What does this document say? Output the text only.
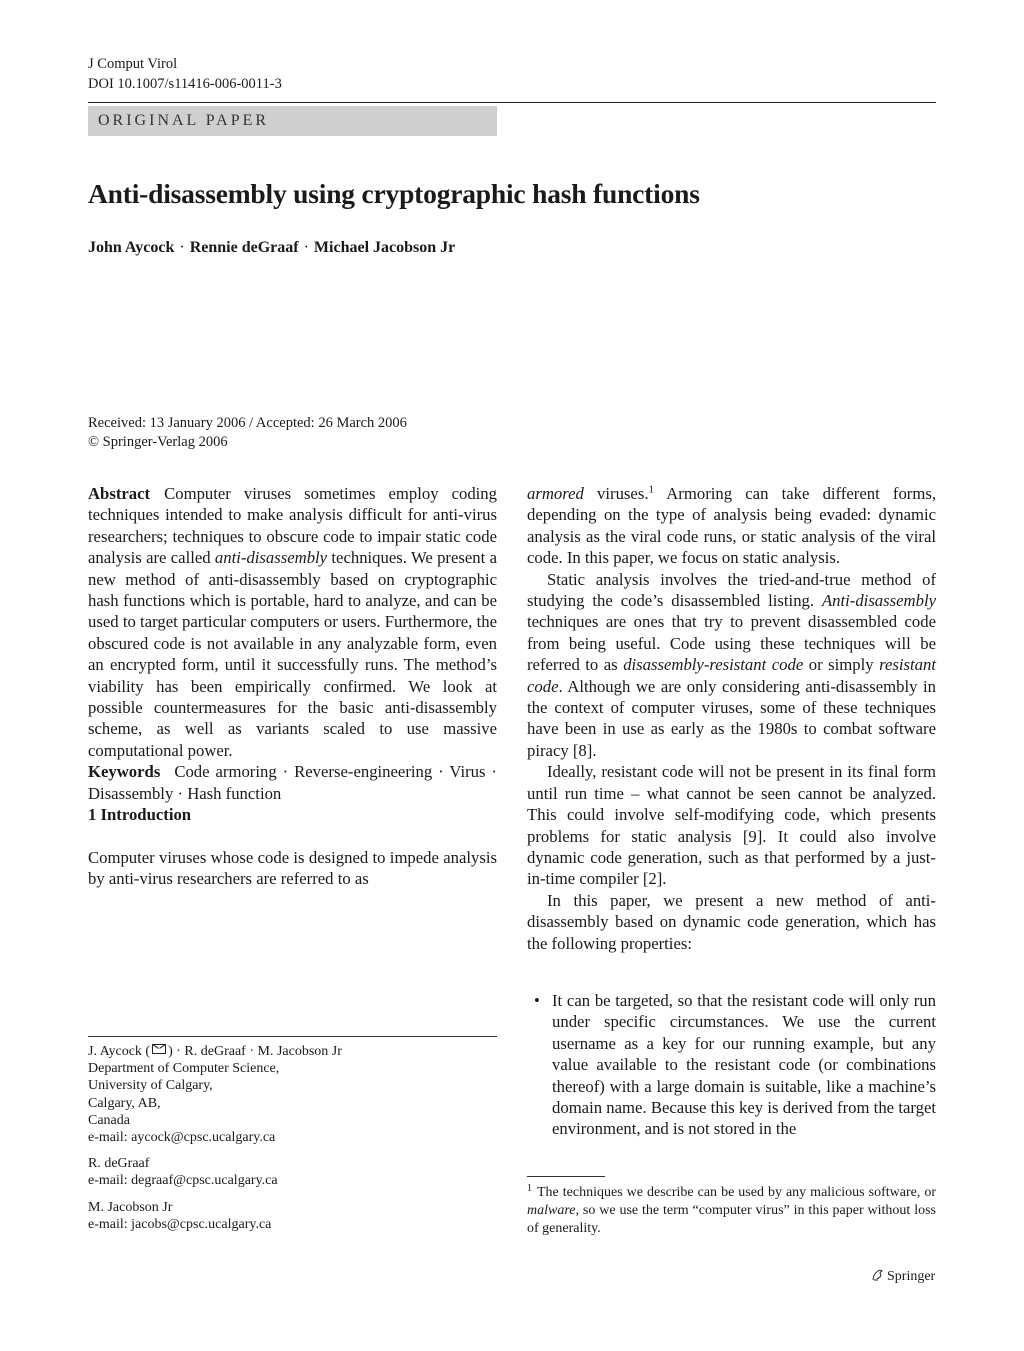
J Comput Virol
DOI 10.1007/s11416-006-0011-3
ORIGINAL PAPER
Anti-disassembly using cryptographic hash functions
John Aycock · Rennie deGraaf · Michael Jacobson Jr
Received: 13 January 2006 / Accepted: 26 March 2006
© Springer-Verlag 2006

Abstract Computer viruses sometimes employ coding techniques intended to make analysis difficult for anti-virus researchers; techniques to obscure code to impair static code analysis are called anti-disassembly techniques. We present a new method of anti-disassembly based on cryptographic hash functions which is portable, hard to analyze, and can be used to target particular computers or users. Furthermore, the obscured code is not available in any analyzable form, even an encrypted form, until it successfully runs. The method’s viability has been empirically confirmed. We look at possible countermeasures for the basic anti-disassembly scheme, as well as variants scaled to use massive computational power.

Keywords Code armoring · Reverse-engineering · Virus · Disassembly · Hash function

1 Introduction

Computer viruses whose code is designed to impede analysis by anti-virus researchers are referred to as

J. Aycock ( ) · R. deGraaf · M. Jacobson Jr
Department of Computer Science,
University of Calgary,
Calgary, AB,
Canada
e-mail: aycock@cpsc.ucalgary.ca

R. deGraaf
e-mail: degraaf@cpsc.ucalgary.ca

M. Jacobson Jr
e-mail: jacobs@cpsc.ucalgary.ca

armored viruses.$^1$ Armoring can take different forms, depending on the type of analysis being evaded: dynamic analysis as the viral code runs, or static analysis of the viral code. In this paper, we focus on static analysis.

Static analysis involves the tried-and-true method of studying the code’s disassembled listing. Anti-disassembly techniques are ones that try to prevent disassembled code from being useful. Code using these techniques will be referred to as disassembly-resistant code or simply resistant code. Although we are only considering anti-disassembly in the context of computer viruses, some of these techniques have been in use as early as the 1980s to combat software piracy [8].

Ideally, resistant code will not be present in its final form until run time – what cannot be seen cannot be analyzed. This could involve self-modifying code, which presents problems for static analysis [9]. It could also involve dynamic code generation, such as that performed by a just-in-time compiler [2].

In this paper, we present a new method of anti-disassembly based on dynamic code generation, which has the following properties:

• It can be targeted, so that the resistant code will only run under specific circumstances. We use the current username as a key for our running example, but any value available to the resistant code (or combinations thereof) with a large domain is suitable, like a machine’s domain name. Because this key is derived from the target environment, and is not stored in the
$^1$ The techniques we describe can be used by any malicious software, or malware, so we use the term “computer virus” in this paper without loss of generality.
Springer
